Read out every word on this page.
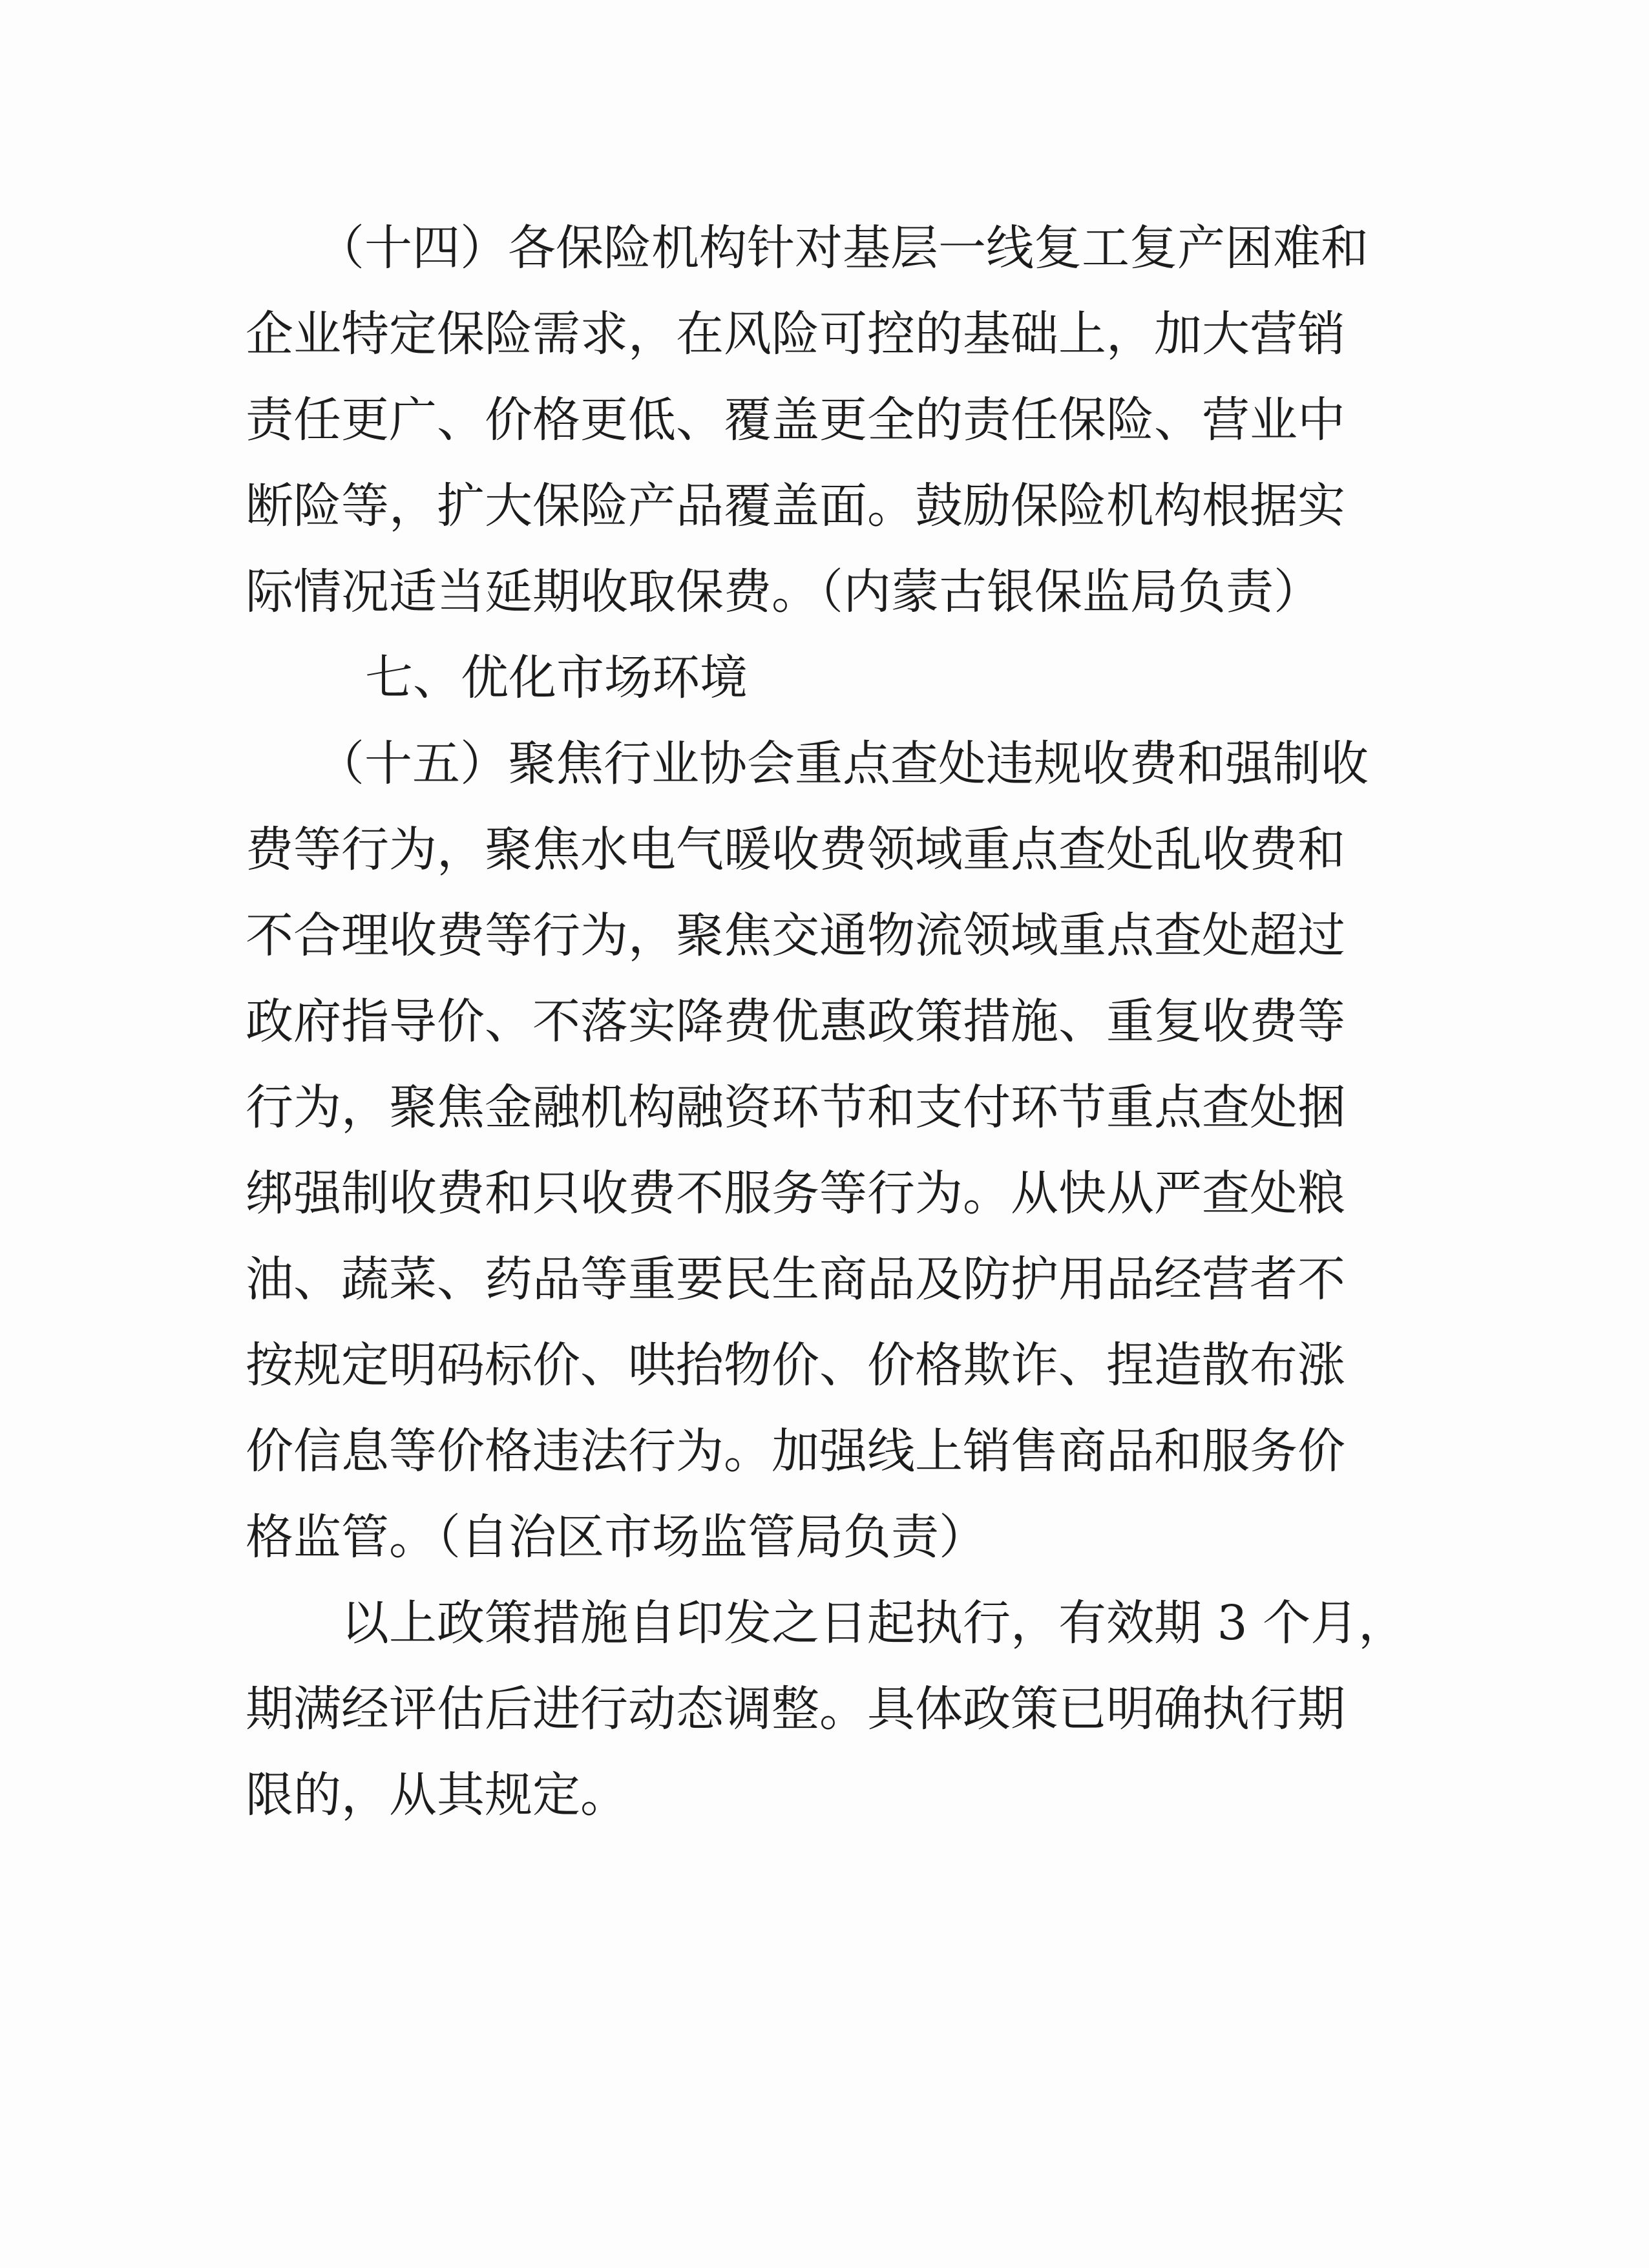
（十四）各保险机构针对基层一线复工复产困难和
企业特定保险需求，在风险可控的基础上，加大营销
责任更广、价格更低、覆盖更全的责任保险、营业中
断险等，扩大保险产品覆盖面。鼓励保险机构根据实
际情况适当延期收取保费。（内蒙古银保监局负责）
七、优化市场环境
（十五）聚焦行业协会重点查处违规收费和强制收
费等行为，聚焦水电气暖收费领域重点查处乱收费和
不合理收费等行为，聚焦交通物流领域重点查处超过
政府指导价、不落实降费优惠政策措施、重复收费等
行为，聚焦金融机构融资环节和支付环节重点查处捆
绑强制收费和只收费不服务等行为。从快从严查处粮
油、蔬菜、药品等重要民生商品及防护用品经营者不
按规定明码标价、哄抬物价、价格欺诈、捏造散布涨
价信息等价格违法行为。加强线上销售商品和服务价
格监管。（自治区市场监管局负责）
以上政策措施自印发之日起执行，有效期 3 个月，
期满经评估后进行动态调整。具体政策已明确执行期
限的，从其规定。
